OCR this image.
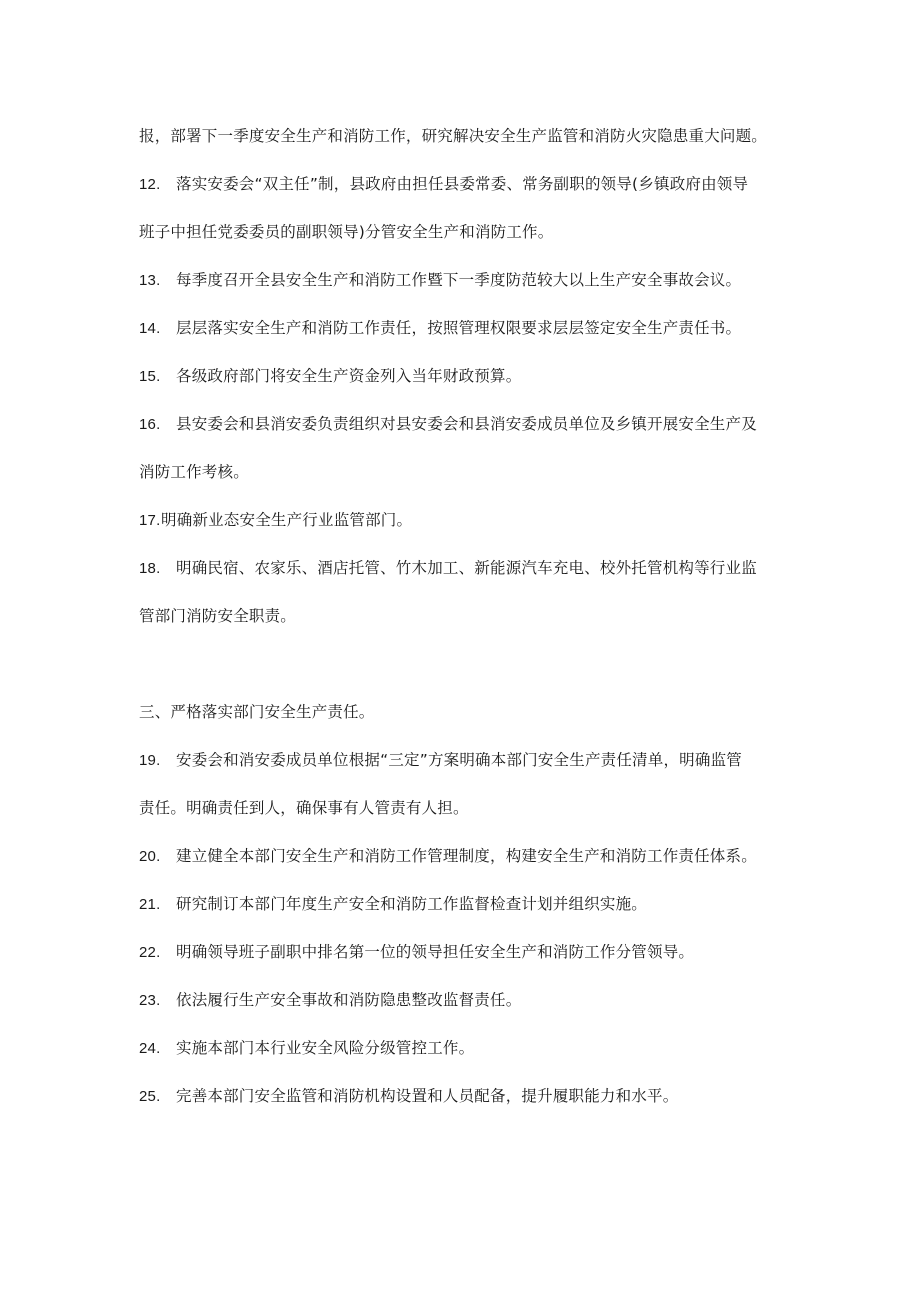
报，部署下一季度安全生产和消防工作，研究解决安全生产监管和消防火灾隐患重大问题。
12. 落实安委会“双主任”制，县政府由担任县委常委、常务副职的领导(乡镇政府由领导
班子中担任党委委员的副职领导)分管安全生产和消防工作。
13. 每季度召开全县安全生产和消防工作暨下一季度防范较大以上生产安全事故会议。
14. 层层落实安全生产和消防工作责任，按照管理权限要求层层签定安全生产责任书。
15. 各级政府部门将安全生产资金列入当年财政预算。
16. 县安委会和县消安委负责组织对县安委会和县消安委成员单位及乡镇开展安全生产及
消防工作考核。
17.明确新业态安全生产行业监管部门。
18. 明确民宿、农家乐、酒店托管、竹木加工、新能源汽车充电、校外托管机构等行业监
管部门消防安全职责。
三、严格落实部门安全生产责任。
19. 安委会和消安委成员单位根据“三定”方案明确本部门安全生产责任清单，明确监管
责任。明确责任到人，确保事有人管责有人担。
20. 建立健全本部门安全生产和消防工作管理制度，构建安全生产和消防工作责任体系。
21. 研究制订本部门年度生产安全和消防工作监督检查计划并组织实施。
22. 明确领导班子副职中排名第一位的领导担任安全生产和消防工作分管领导。
23. 依法履行生产安全事故和消防隐患整改监督责任。
24. 实施本部门本行业安全风险分级管控工作。
25. 完善本部门安全监管和消防机构设置和人员配备，提升履职能力和水平。
